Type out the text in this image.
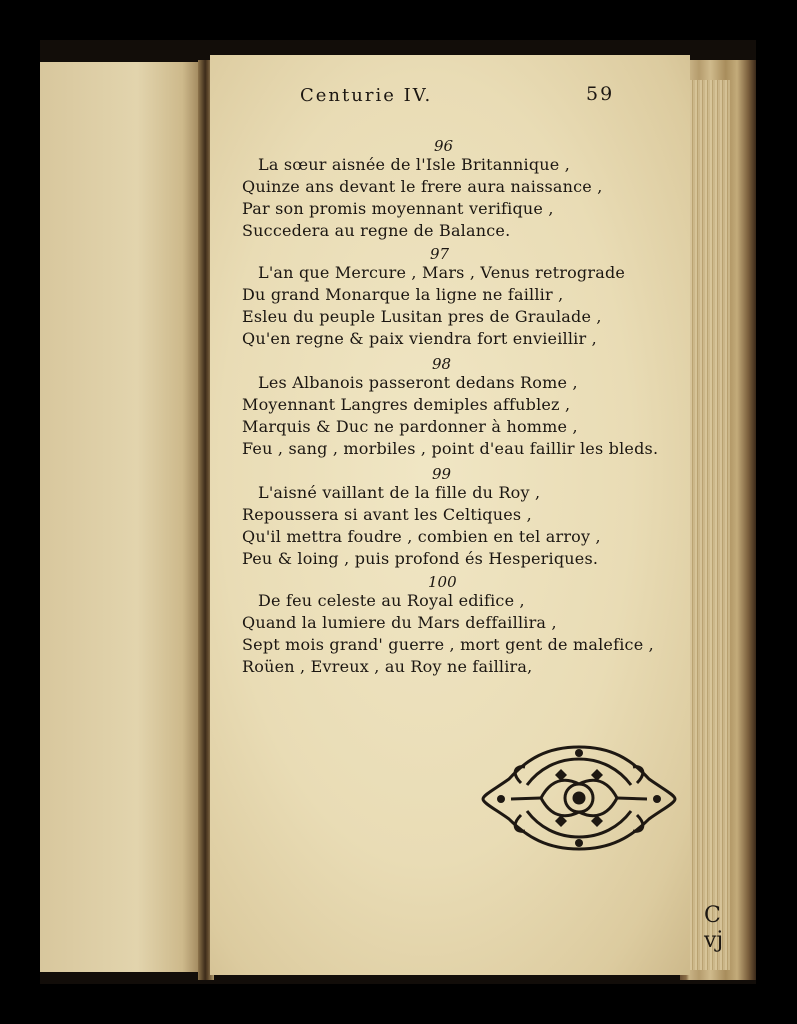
Centurie IV.	59
C vj
96
La sœur aisnée de l'Isle Britannique ,
Quinze ans devant le frere aura naissance ,
Par son promis moyennant verifique ,
Succedera au regne de Balance.
97
L'an que Mercure , Mars , Venus retrograde
Du grand Monarque la ligne ne faillir ,
Esleu du peuple Lusitan pres de Graulade ,
Qu'en regne & paix viendra fort envieillir ,
98
Les Albanois passeront dedans Rome ,
Moyennant Langres demiples affublez ,
Marquis & Duc ne pardonner à homme ,
Feu , sang , morbiles , point d'eau faillir les bleds.
99
L'aisné vaillant de la fille du Roy ,
Repoussera si avant les Celtiques ,
Qu'il mettra foudre , combien en tel arroy ,
Peu & loing , puis profond és Hesperiques.
100
De feu celeste au Royal edifice ,
Quand la lumiere du Mars deffaillira ,
Sept mois grand' guerre , mort gent de malefice ,
Roüen , Evreux , au Roy ne faillira,
